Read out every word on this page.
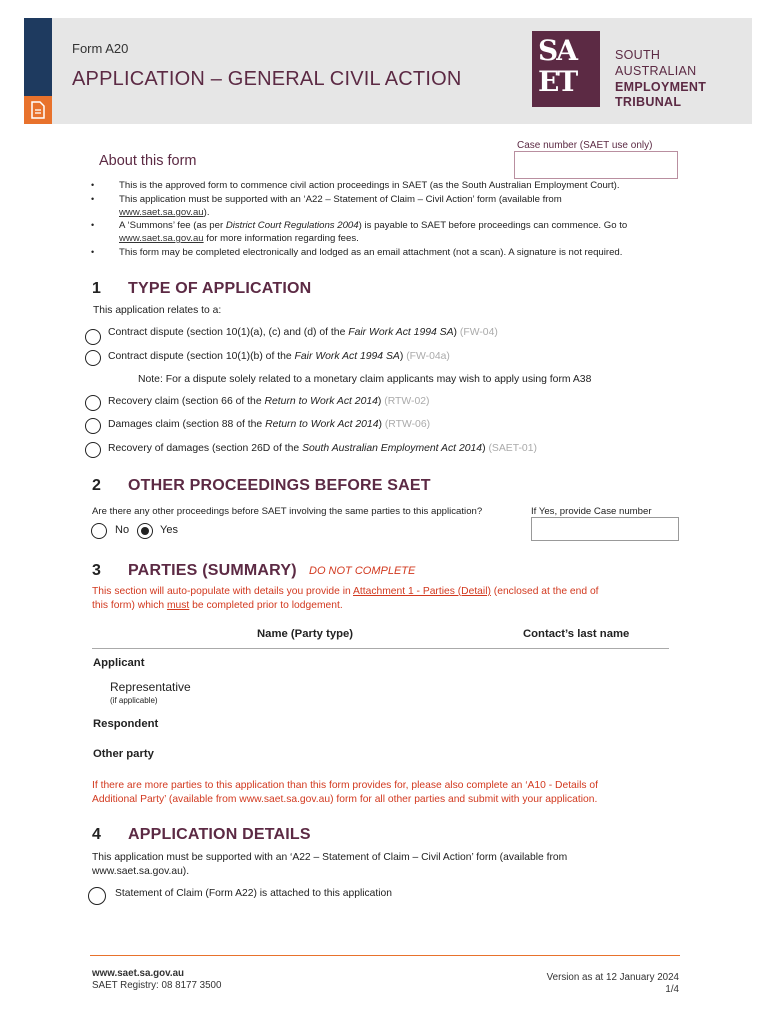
Form A20
APPLICATION – GENERAL CIVIL ACTION
SA
ET
SOUTH
AUSTRALIAN
EMPLOYMENT
TRIBUNAL
Case number (SAET use only)
About this form
•	This is the approved form to commence civil action proceedings in SAET (as the South Australian Employment Court).
•	This application must be supported with an ‘A22 – Statement of Claim – Civil Action’ form (available from
www.saet.sa.gov.au).
•	A ‘Summons’ fee (as per District Court Regulations 2004) is payable to SAET before proceedings can commence. Go to
www.saet.sa.gov.au for more information regarding fees.
•	This form may be completed electronically and lodged as an email attachment (not a scan). A signature is not required.
1 TYPE OF APPLICATION
This application relates to a:
Contract dispute (section 10(1)(a), (c) and (d) of the Fair Work Act 1994 SA) (FW-04)
Contract dispute (section 10(1)(b) of the Fair Work Act 1994 SA) (FW-04a)
Note: For a dispute solely related to a monetary claim applicants may wish to apply using form A38
Recovery claim (section 66 of the Return to Work Act 2014) (RTW-02)
Damages claim (section 88 of the Return to Work Act 2014) (RTW-06)
Recovery of damages (section 26D of the South Australian Employment Act 2014) (SAET-01)
2 OTHER PROCEEDINGS BEFORE SAET
Are there any other proceedings before SAET involving the same parties to this application?	If Yes, provide Case number
No	Yes
3 PARTIES (SUMMARY) DO NOT COMPLETE
This section will auto-populate with details you provide in Attachment 1 - Parties (Detail) (enclosed at the end of
this form) which must be completed prior to lodgement.
Name (Party type)	Contact’s last name
Applicant
Representative
(if applicable)
Respondent
Other party
If there are more parties to this application than this form provides for, please also complete an ‘A10 - Details of
Additional Party’ (available from www.saet.sa.gov.au) form for all other parties and submit with your application.
4 APPLICATION DETAILS
This application must be supported with an ‘A22 – Statement of Claim – Civil Action’ form (available from
www.saet.sa.gov.au).
Statement of Claim (Form A22) is attached to this application
www.saet.sa.gov.au
SAET Registry: 08 8177 3500
Version as at 12 January 2024
1/4
